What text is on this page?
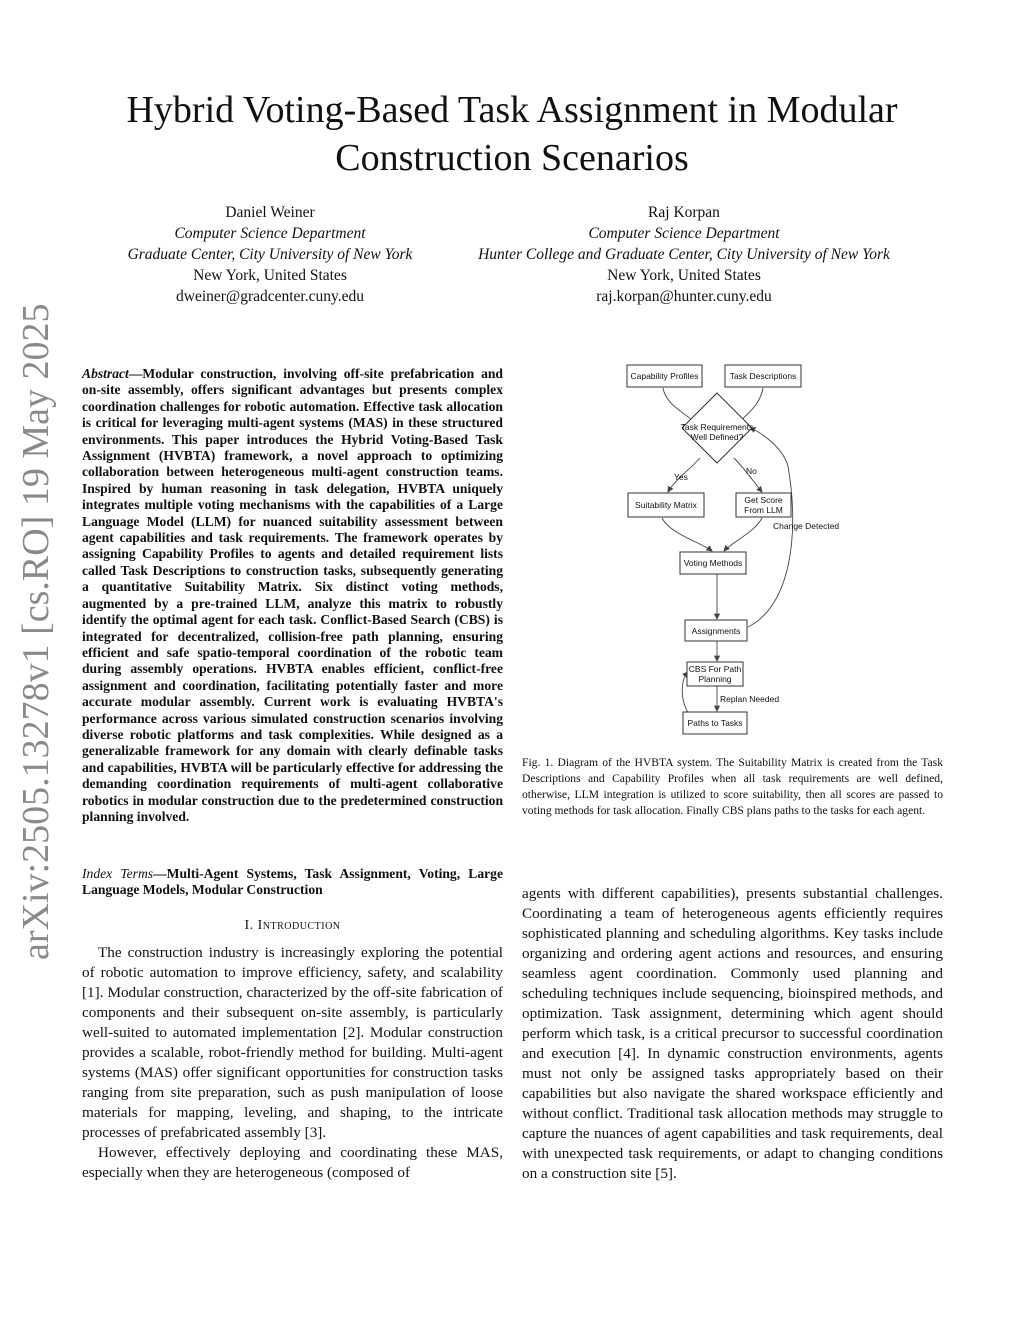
arXiv:2505.13278v1 [cs.RO] 19 May 2025
Hybrid Voting-Based Task Assignment in Modular
Construction Scenarios
Daniel Weiner
Computer Science Department
Graduate Center, City University of New York
New York, United States
dweiner@gradcenter.cuny.edu
Raj Korpan
Computer Science Department
Hunter College and Graduate Center, City University of New York
New York, United States
raj.korpan@hunter.cuny.edu
Abstract—Modular construction, involving off-site prefabrication and on-site assembly, offers significant advantages but presents complex coordination challenges for robotic automation. Effective task allocation is critical for leveraging multi-agent systems (MAS) in these structured environments. This paper introduces the Hybrid Voting-Based Task Assignment (HVBTA) framework, a novel approach to optimizing collaboration between heterogeneous multi-agent construction teams. Inspired by human reasoning in task delegation, HVBTA uniquely integrates multiple voting mechanisms with the capabilities of a Large Language Model (LLM) for nuanced suitability assessment between agent capabilities and task requirements. The framework operates by assigning Capability Profiles to agents and detailed requirement lists called Task Descriptions to construction tasks, subsequently generating a quantitative Suitability Matrix. Six distinct voting methods, augmented by a pre-trained LLM, analyze this matrix to robustly identify the optimal agent for each task. Conflict-Based Search (CBS) is integrated for decentralized, collision-free path planning, ensuring efficient and safe spatio-temporal coordination of the robotic team during assembly operations. HVBTA enables efficient, conflict-free assignment and coordination, facilitating potentially faster and more accurate modular assembly. Current work is evaluating HVBTA's performance across various simulated construction scenarios involving diverse robotic platforms and task complexities. While designed as a generalizable framework for any domain with clearly definable tasks and capabilities, HVBTA will be particularly effective for addressing the demanding coordination requirements of multi-agent collaborative robotics in modular construction due to the predetermined construction planning involved.
Index Terms—Multi-Agent Systems, Task Assignment, Voting, Large Language Models, Modular Construction
I. Introduction

The construction industry is increasingly exploring the potential of robotic automation to improve efficiency, safety, and scalability [1]. Modular construction, characterized by the off-site fabrication of components and their subsequent on-site assembly, is particularly well-suited to automated implementation [2]. Modular construction provides a scalable, robot-friendly method for building. Multi-agent systems (MAS) offer significant opportunities for construction tasks ranging from site preparation, such as push manipulation of loose materials for mapping, leveling, and shaping, to the intricate processes of prefabricated assembly [3].

However, effectively deploying and coordinating these MAS, especially when they are heterogeneous (composed of

Capability Profiles	Task Descriptions
Task Requirements
Well Defined?
Yes
No
Suitability Matrix	Get Score
From LLM
Change Detected
Voting Methods
Assignments
CBS For Path
Planning
Replan Needed
Paths to Tasks
Fig. 1. Diagram of the HVBTA system. The Suitability Matrix is created from the Task Descriptions and Capability Profiles when all task requirements are well defined, otherwise, LLM integration is utilized to score suitability, then all scores are passed to voting methods for task allocation. Finally CBS plans paths to the tasks for each agent.

agents with different capabilities), presents substantial challenges. Coordinating a team of heterogeneous agents efficiently requires sophisticated planning and scheduling algorithms. Key tasks include organizing and ordering agent actions and resources, and ensuring seamless agent coordination. Commonly used planning and scheduling techniques include sequencing, bioinspired methods, and optimization. Task assignment, determining which agent should perform which task, is a critical precursor to successful coordination and execution [4]. In dynamic construction environments, agents must not only be assigned tasks appropriately based on their capabilities but also navigate the shared workspace efficiently and without conflict. Traditional task allocation methods may struggle to capture the nuances of agent capabilities and task requirements, deal with unexpected task requirements, or adapt to changing conditions on a construction site [5].
